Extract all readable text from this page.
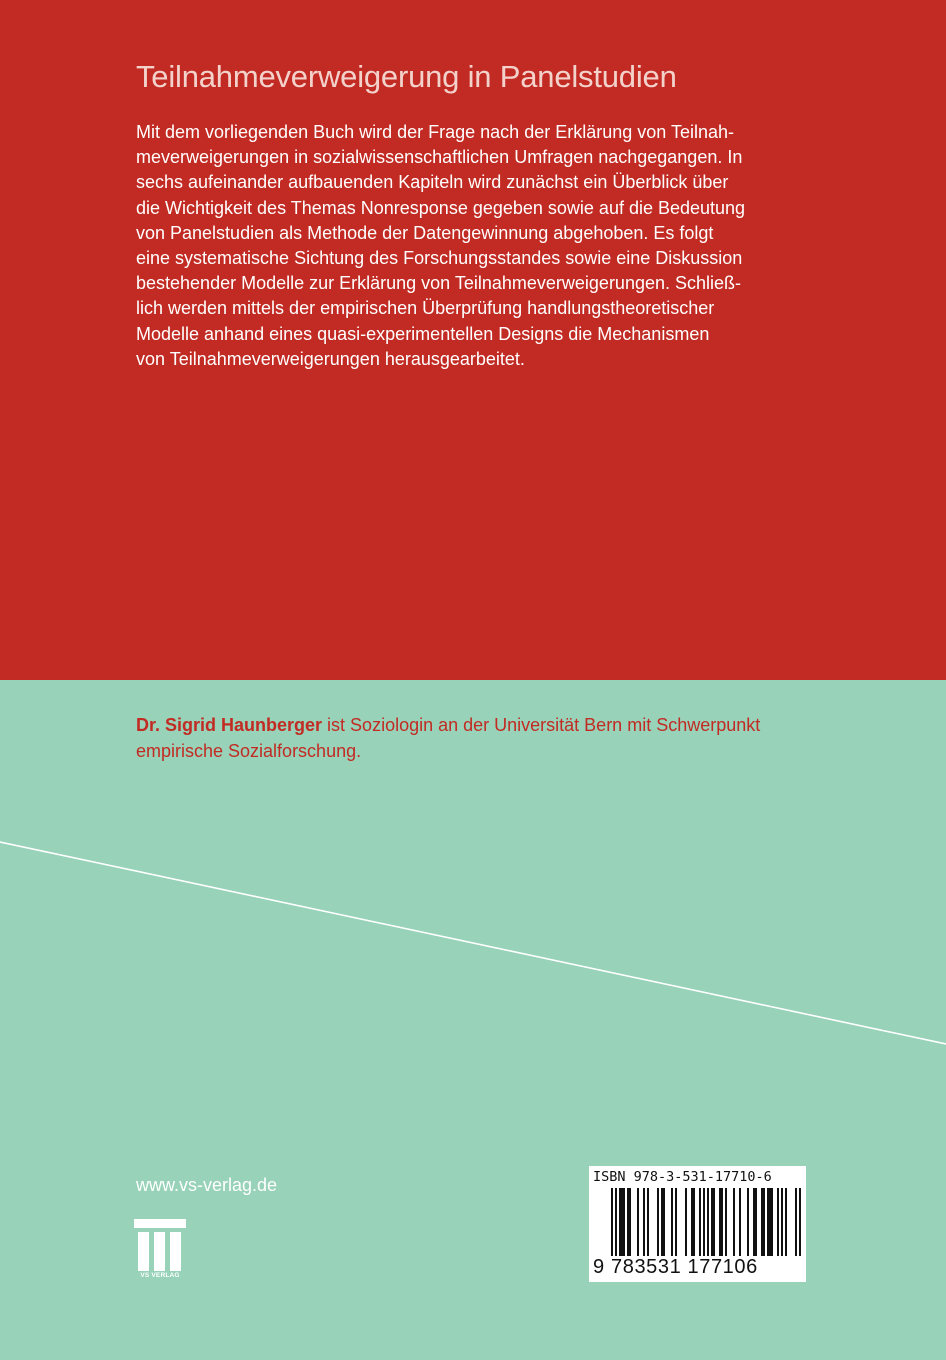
Teilnahmeverweigerung in Panelstudien
Mit dem vorliegenden Buch wird der Frage nach der Erklärung von Teilnah-
meverweigerungen in sozialwissenschaftlichen Umfragen nachgegangen. In
sechs aufeinander aufbauenden Kapiteln wird zunächst ein Überblick über
die Wichtigkeit des Themas Nonresponse gegeben sowie auf die Bedeutung
von Panelstudien als Methode der Datengewinnung abgehoben. Es folgt
eine systematische Sichtung des Forschungsstandes sowie eine Diskussion
bestehender Modelle zur Erklärung von Teilnahmeverweigerungen. Schließ-
lich werden mittels der empirischen Überprüfung handlungstheoretischer
Modelle anhand eines quasi-experimentellen Designs die Mechanismen
von Teilnahmeverweigerungen herausgearbeitet.
Dr. Sigrid Haunberger ist Soziologin an der Universität Bern mit Schwerpunkt
empirische Sozialforschung.
www.vs-verlag.de
VS VERLAG
ISBN 978-3-531-17710-6
9 783531 177106
